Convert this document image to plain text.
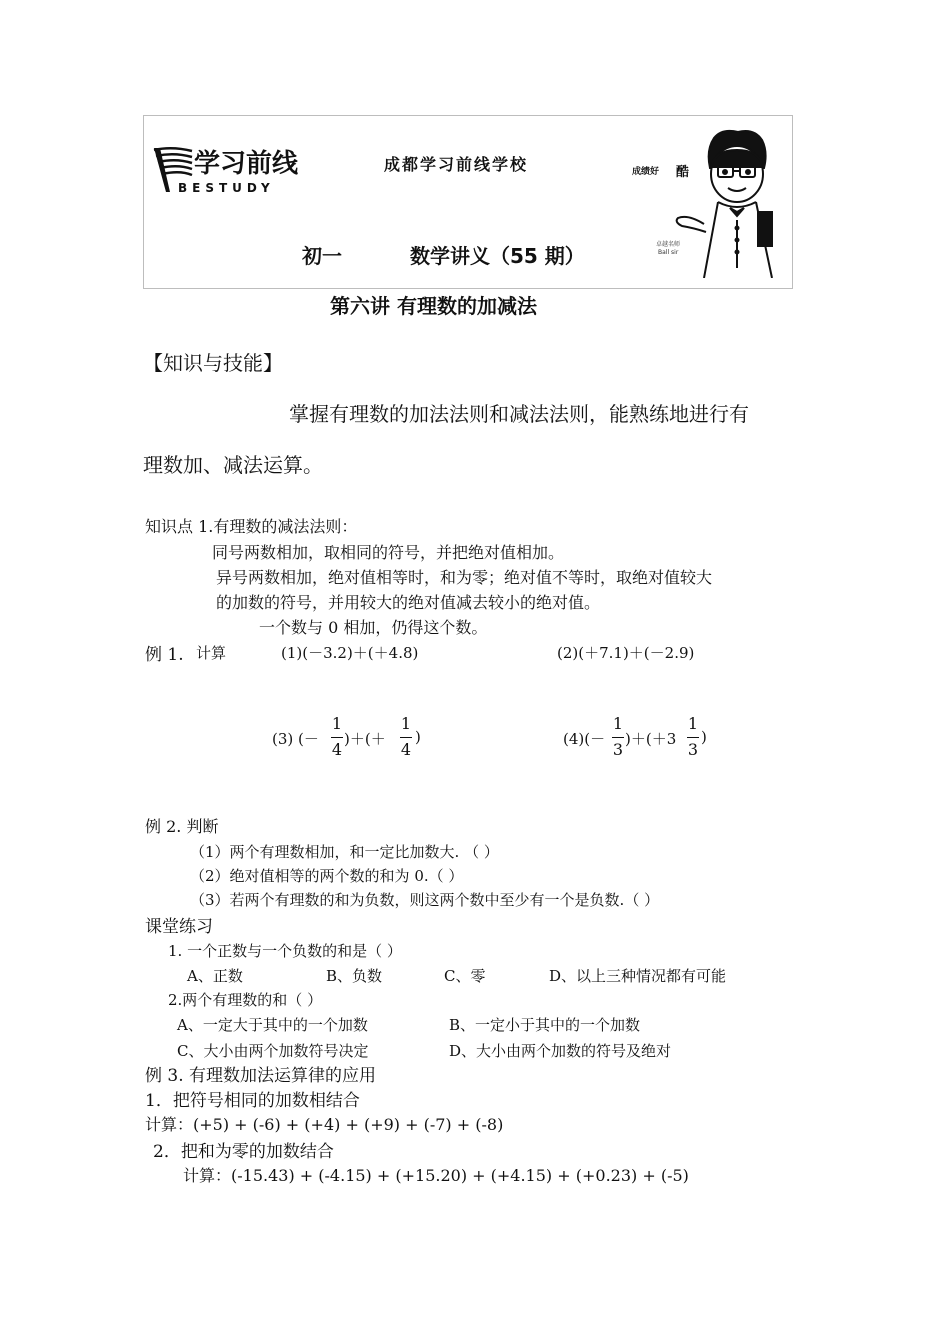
学习前线
BESTUDY
成都学习前线学校	成绩好 酷
卓越名师
Ball sir
初一	数学讲义（55 期）
第六讲 有理数的加减法
【知识与技能】
掌握有理数的加法法则和减法法则，能熟练地进行有
理数加、减法运算。
知识点 1.有理数的减法法则：
同号两数相加，取相同的符号，并把绝对值相加。
异号两数相加，绝对值相等时，和为零；绝对值不等时，取绝对值较大
的加数的符号，并用较大的绝对值减去较小的绝对值。
一个数与 0 相加，仍得这个数。
例 1. 计算	(1)(－3.2)＋(＋4.8)	(2)(＋7.1)＋(－2.9)
(3) (－
1
4
)＋(＋
1
4
)	(4)(－
1
3
)＋(＋3
1
3
)
例 2. 判断
（1）两个有理数相加，和一定比加数大. （ ）
（2）绝对值相等的两个数的和为 0.（ ）
（3）若两个有理数的和为负数，则这两个数中至少有一个是负数.（ ）
课堂练习
1. 一个正数与一个负数的和是（ ）
A、正数	B、负数	C、零	D、以上三种情况都有可能
2.两个有理数的和（ ）
A、一定大于其中的一个加数	B、一定小于其中的一个加数
C、大小由两个加数符号决定	D、大小由两个加数的符号及绝对
例 3. 有理数加法运算律的应用
1．把符号相同的加数相结合
计算：(+5) + (-6) + (+4) + (+9) + (-7) + (-8)
2．把和为零的加数结合
计算：(-15.43) + (-4.15) + (+15.20) + (+4.15) + (+0.23) + (-5)
